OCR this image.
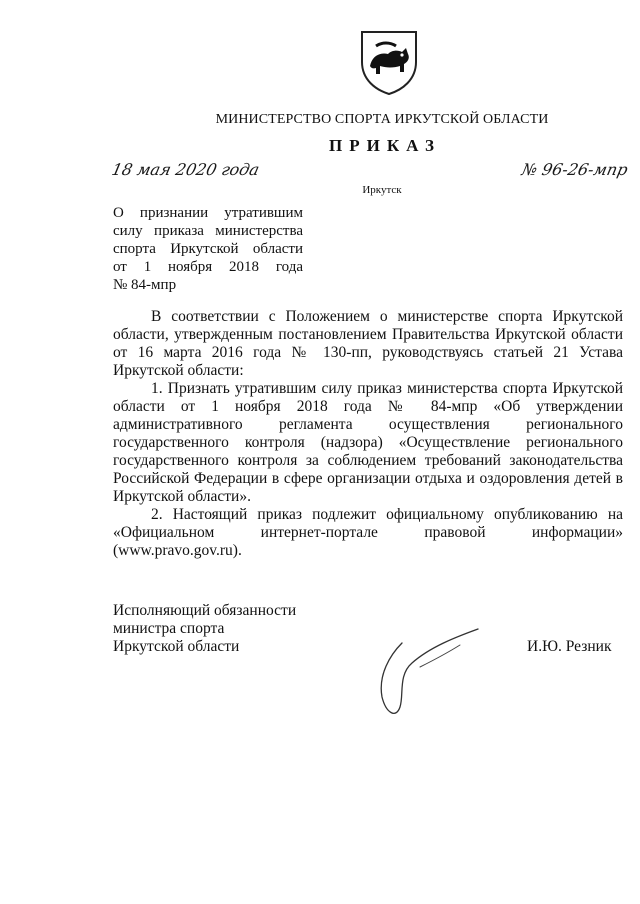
МИНИСТЕРСТВО СПОРТА ИРКУТСКОЙ ОБЛАСТИ
ПРИКАЗ
18 мая 2020 года	№ 96-26-мпр
Иркутск
О признании утратившим
силу приказа министерства
спорта Иркутской области
от 1 ноября 2018 года
№ 84-мпр

В соответствии с Положением о министерстве спорта Иркутской области, утвержденным постановлением Правительства Иркутской области от 16 марта 2016 года № 130-пп, руководствуясь статьей 21 Устава Иркутской области:

1. Признать утратившим силу приказ министерства спорта Иркутской области от 1 ноября 2018 года № 84-мпр «Об утверждении административного регламента осуществления регионального государственного контроля (надзора) «Осуществление регионального государственного контроля за соблюдением требований законодательства Российской Федерации в сфере организации отдыха и оздоровления детей в Иркутской области».

2. Настоящий приказ подлежит официальному опубликованию на «Официальном интернет-портале правовой информации» (www.pravo.gov.ru).

Исполняющий обязанности
министра спорта
Иркутской области	И.Ю. Резник
